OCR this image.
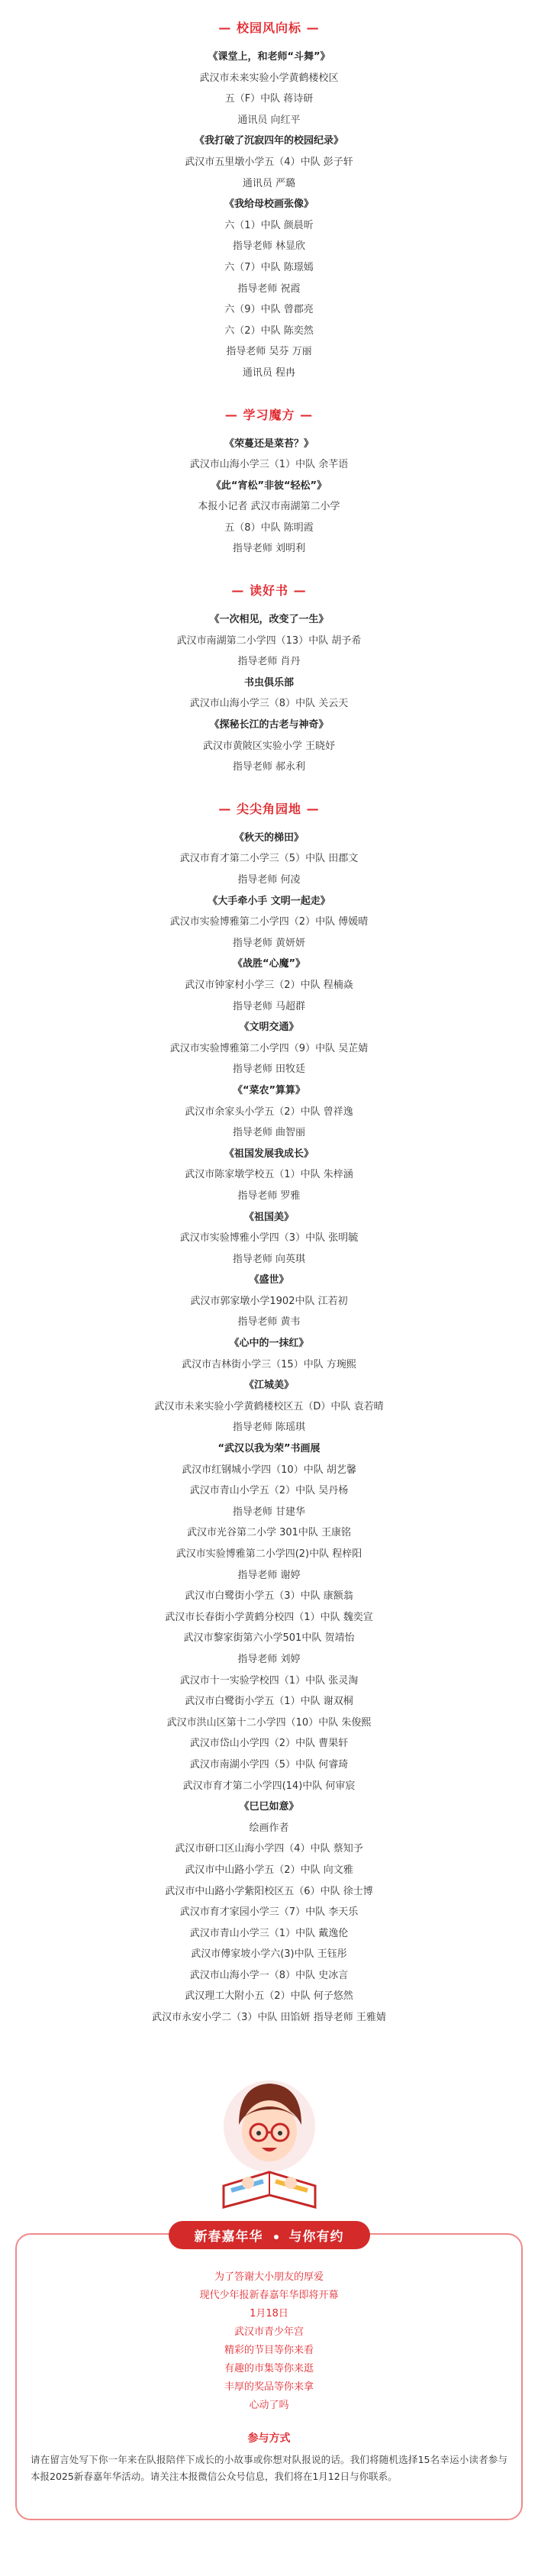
— 校园风向标 —
《课堂上，和老师“斗舞”》
武汉市未来实验小学黄鹤楼校区
五（F）中队 蒋诗研
通讯员 向红平
《我打破了沉寂四年的校园纪录》
武汉市五里墩小学五（4）中队 彭子轩
通讯员 严璐
《我给母校画张像》
六（1）中队 颜晨昕
指导老师 林显欣
六（7）中队 陈璟嫣
指导老师 祝霞
六（9）中队 曾郡亮
六（2）中队 陈奕然
指导老师 吴芬 万丽
通讯员 程冉
— 学习魔方 —
《荣蔓还是菜苔？》
武汉市山海小学三（1）中队 余芊语
《此“宵松”非彼“轻松”》
本报小记者 武汉市南湖第二小学
五（8）中队 陈明霞
指导老师 刘明利
— 读好书 —
《一次相见，改变了一生》
武汉市南湖第二小学四（13）中队 胡予希
指导老师 肖丹
书虫俱乐部
武汉市山海小学三（8）中队 关云天
《探秘长江的古老与神奇》
武汉市黄陂区实验小学 王晓妤
指导老师 郝永利
— 尖尖角园地 —
《秋天的梯田》
武汉市育才第二小学三（5）中队 田郡文
指导老师 何凌
《大手牵小手 文明一起走》
武汉市实验博雅第二小学四（2）中队 傅媛晴
指导老师 黄妍妍
《战胜“心魔”》
武汉市钟家村小学三（2）中队 程楠焱
指导老师 马超群
《文明交通》
武汉市实验博雅第二小学四（9）中队 吴芷婧
指导老师 田牧廷
《“菜农”算算》
武汉市余家头小学五（2）中队 曾祥逸
指导老师 曲智丽
《祖国发展我成长》
武汉市陈家墩学校五（1）中队 朱梓涵
指导老师 罗雅
《祖国美》
武汉市实验博雅小学四（3）中队 张明毓
指导老师 向英琪
《盛世》
武汉市郭家墩小学1902中队 江若初
指导老师 黄韦
《心中的一抹红》
武汉市吉林街小学三（15）中队 方琬熙
《江城美》
武汉市未来实验小学黄鹤楼校区五（D）中队 袁若晴
指导老师 陈瑶琪
“武汉以我为荣”书画展
武汉市红钢城小学四（10）中队 胡艺馨
武汉市青山小学五（2）中队 吴丹杨
指导老师 甘建华
武汉市光谷第二小学 301中队 王康铭
武汉市实验博雅第二小学四(2)中队 程梓阳
指导老师 谢婷
武汉市白鹭街小学五（3）中队 康额翁
武汉市长春街小学黄鹤分校四（1）中队 魏奕宣
武汉市黎家街第六小学501中队 贺靖怡
指导老师 刘婷
武汉市十一实验学校四（1）中队 张灵淘
武汉市白鹭街小学五（1）中队 谢双桐
武汉市洪山区第十二小学四（10）中队 朱俊熙
武汉市岱山小学四（2）中队 曹果轩
武汉市南湖小学四（5）中队 何睿琦
武汉市育才第二小学四(14)中队 何审宸
《巳巳如意》
绘画作者
武汉市研口区山海小学四（4）中队 蔡知予
武汉市中山路小学五（2）中队 向文雅
武汉市中山路小学紫阳校区五（6）中队 徐士博
武汉市育才家园小学三（7）中队 李天乐
武汉市青山小学三（1）中队 戴逸伦
武汉市傅家坡小学六(3)中队 王钰彤
武汉市山海小学一（8）中队 史冰言
武汉理工大附小五（2）中队 何子悠然
武汉市永安小学二（3）中队 田馅妍 指导老师 王雅婧
新春嘉年华 与你有约
为了答谢大小朋友的厚爱
现代少年报新春嘉年华即将开幕
1月18日
武汉市青少年宫
精彩的节目等你来看
有趣的市集等你来逛
丰厚的奖品等你来拿
心动了吗
参与方式
请在留言处写下你一年来在队报陪伴下成长的小故事或你想对队报说的话。我们将随机选择15名幸运小读者参与本报2025新春嘉年华活动。请关注本报微信公众号信息，我们将在1月12日与你联系。
